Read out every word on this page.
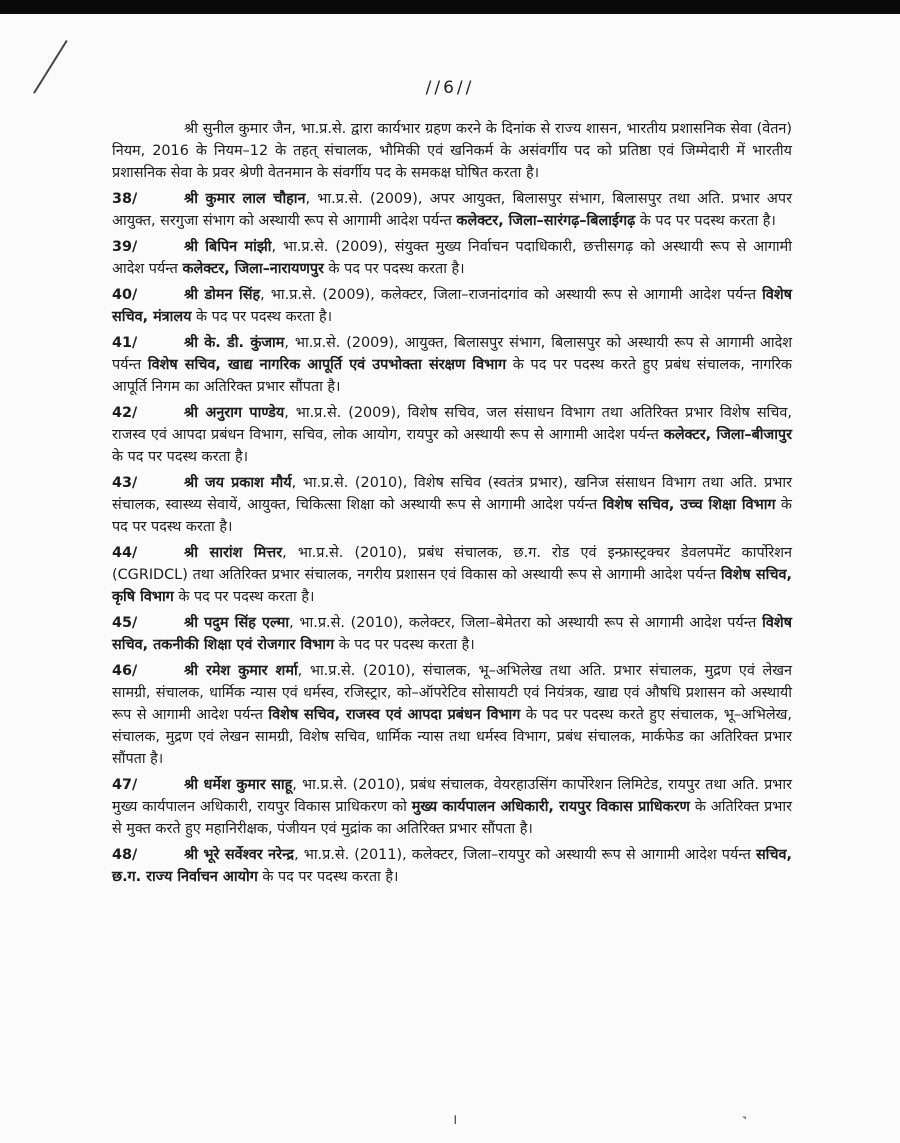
//6//

श्री सुनील कुमार जैन, भा.प्र.से. द्वारा कार्यभार ग्रहण करने के दिनांक से राज्य शासन, भारतीय प्रशासनिक सेवा (वेतन) नियम, 2016 के नियम–12 के तहत् संचालक, भौमिकी एवं खनिकर्म के असंवर्गीय पद को प्रतिष्ठा एवं जिम्मेदारी में भारतीय प्रशासनिक सेवा के प्रवर श्रेणी वेतनमान के संवर्गीय पद के समकक्ष घोषित करता है।

38/	श्री कुमार लाल चौहान, भा.प्र.से. (2009), अपर आयुक्त, बिलासपुर संभाग, बिलासपुर तथा अति. प्रभार अपर आयुक्त, सरगुजा संभाग को अस्थायी रूप से आगामी आदेश पर्यन्त कलेक्टर, जिला–सारंगढ़–बिलाईगढ़ के पद पर पदस्थ करता है।

39/	श्री बिपिन मांझी, भा.प्र.से. (2009), संयुक्त मुख्य निर्वाचन पदाधिकारी, छत्तीसगढ़ को अस्थायी रूप से आगामी आदेश पर्यन्त कलेक्टर, जिला–नारायणपुर के पद पर पदस्थ करता है।

40/	श्री डोमन सिंह, भा.प्र.से. (2009), कलेक्टर, जिला–राजनांदगांव को अस्थायी रूप से आगामी आदेश पर्यन्त विशेष सचिव, मंत्रालय के पद पर पदस्थ करता है।

41/	श्री के. डी. कुंजाम, भा.प्र.से. (2009), आयुक्त, बिलासपुर संभाग, बिलासपुर को अस्थायी रूप से आगामी आदेश पर्यन्त विशेष सचिव, खाद्य नागरिक आपूर्ति एवं उपभोक्ता संरक्षण विभाग के पद पर पदस्थ करते हुए प्रबंध संचालक, नागरिक आपूर्ति निगम का अतिरिक्त प्रभार सौंपता है।

42/	श्री अनुराग पाण्डेय, भा.प्र.से. (2009), विशेष सचिव, जल संसाधन विभाग तथा अतिरिक्त प्रभार विशेष सचिव, राजस्व एवं आपदा प्रबंधन विभाग, सचिव, लोक आयोग, रायपुर को अस्थायी रूप से आगामी आदेश पर्यन्त कलेक्टर, जिला–बीजापुर के पद पर पदस्थ करता है।

43/	श्री जय प्रकाश मौर्य, भा.प्र.से. (2010), विशेष सचिव (स्वतंत्र प्रभार), खनिज संसाधन विभाग तथा अति. प्रभार संचालक, स्वास्थ्य सेवायें, आयुक्त, चिकित्सा शिक्षा को अस्थायी रूप से आगामी आदेश पर्यन्त विशेष सचिव, उच्च शिक्षा विभाग के पद पर पदस्थ करता है।

44/	श्री सारांश मित्तर, भा.प्र.से. (2010), प्रबंध संचालक, छ.ग. रोड एवं इन्फ्रास्ट्रक्चर डेवलपमेंट कार्पोरेशन (CGRIDCL) तथा अतिरिक्त प्रभार संचालक, नगरीय प्रशासन एवं विकास को अस्थायी रूप से आगामी आदेश पर्यन्त विशेष सचिव, कृषि विभाग के पद पर पदस्थ करता है।

45/	श्री पदुम सिंह एल्मा, भा.प्र.से. (2010), कलेक्टर, जिला–बेमेतरा को अस्थायी रूप से आगामी आदेश पर्यन्त विशेष सचिव, तकनीकी शिक्षा एवं रोजगार विभाग के पद पर पदस्थ करता है।

46/	श्री रमेश कुमार शर्मा, भा.प्र.से. (2010), संचालक, भू–अभिलेख तथा अति. प्रभार संचालक, मुद्रण एवं लेखन सामग्री, संचालक, धार्मिक न्यास एवं धर्मस्व, रजिस्ट्रार, को–ऑपरेटिव सोसायटी एवं नियंत्रक, खाद्य एवं औषधि प्रशासन को अस्थायी रूप से आगामी आदेश पर्यन्त विशेष सचिव, राजस्व एवं आपदा प्रबंधन विभाग के पद पर पदस्थ करते हुए संचालक, भू–अभिलेख, संचालक, मुद्रण एवं लेखन सामग्री, विशेष सचिव, धार्मिक न्यास तथा धर्मस्व विभाग, प्रबंध संचालक, मार्कफेड का अतिरिक्त प्रभार सौंपता है।

47/	श्री धर्मेश कुमार साहू, भा.प्र.से. (2010), प्रबंध संचालक, वेयरहाउसिंग कार्पोरेशन लिमिटेड, रायपुर तथा अति. प्रभार मुख्य कार्यपालन अधिकारी, रायपुर विकास प्राधिकरण को मुख्य कार्यपालन अधिकारी, रायपुर विकास प्राधिकरण के अतिरिक्त प्रभार से मुक्त करते हुए महानिरीक्षक, पंजीयन एवं मुद्रांक का अतिरिक्त प्रभार सौंपता है।

48/	श्री भूरे सर्वेश्वर नरेन्द्र, भा.प्र.से. (2011), कलेक्टर, जिला–रायपुर को अस्थायी रूप से आगामी आदेश पर्यन्त सचिव, छ.ग. राज्य निर्वाचन आयोग के पद पर पदस्थ करता है।

।	˺
